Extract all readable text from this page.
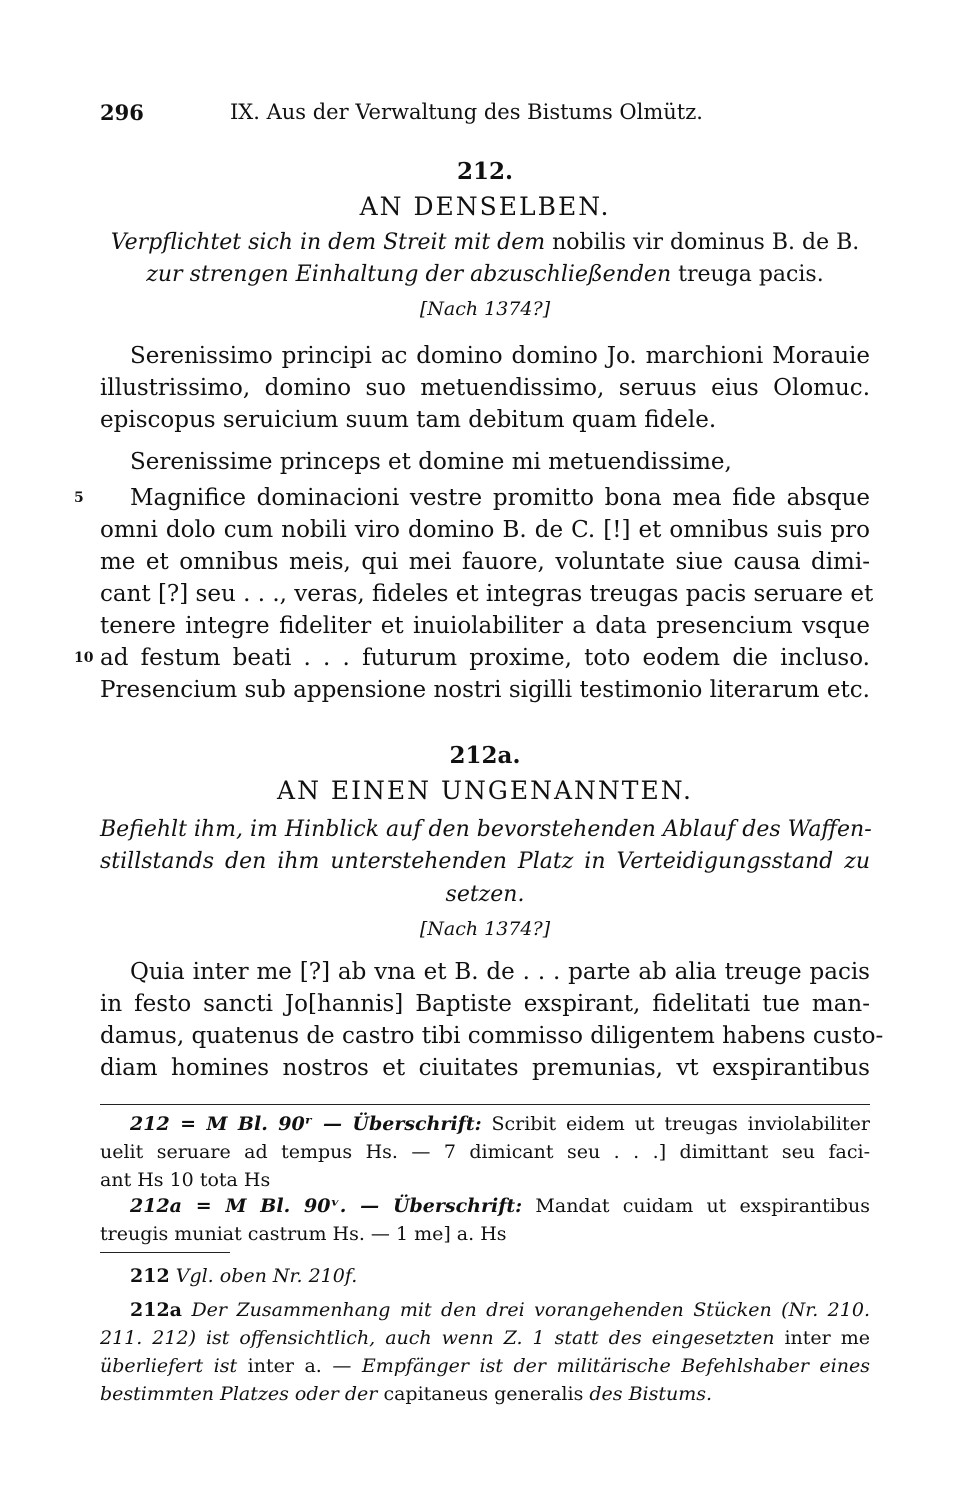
296	IX. Aus der Verwaltung des Bistums Olmütz.
212.
AN DENSELBEN.
Verpflichtet sich in dem Streit mit dem nobilis vir dominus B. de B.
zur strengen Einhaltung der abzuschließenden treuga pacis.
[Nach 1374?]
Serenissimo principi ac domino domino Jo. marchioni Morauie
illustrissimo, domino suo metuendissimo, seruus eius Olomuc.
episcopus seruicium suum tam debitum quam fidele.
Serenissime princeps et domine mi metuendissime,
5 Magnifice dominacioni vestre promitto bona mea fide absque
omni dolo cum nobili viro domino B. de C. [!] et omnibus suis pro
me et omnibus meis, qui mei fauore, voluntate siue causa dimi-
cant [?] seu . . ., veras, fideles et integras treugas pacis seruare et
tenere integre fideliter et inuiolabiliter a data presencium vsque
10 ad festum beati . . . futurum proxime, toto eodem die incluso.
Presencium sub appensione nostri sigilli testimonio literarum etc.
212a.
AN EINEN UNGENANNTEN.
Befiehlt ihm, im Hinblick auf den bevorstehenden Ablauf des Waffen-
stillstands den ihm unterstehenden Platz in Verteidigungsstand zu
setzen.
[Nach 1374?]
Quia inter me [?] ab vna et B. de . . . parte ab alia treuge pacis
in festo sancti Jo[hannis] Baptiste exspirant, fidelitati tue man-
damus, quatenus de castro tibi commisso diligentem habens custo-
diam homines nostros et ciuitates premunias, vt exspirantibus
212 = M Bl. 90ʳ — Überschrift: Scribit eidem ut treugas inviolabiliter
uelit seruare ad tempus Hs. — 7 dimicant seu . . .] dimittant seu faci-
ant Hs 10 tota Hs
212a = M Bl. 90ᵛ. — Überschrift: Mandat cuidam ut exspirantibus
treugis muniat castrum Hs. — 1 me] a. Hs
212 Vgl. oben Nr. 210f.
212a Der Zusammenhang mit den drei vorangehenden Stücken (Nr. 210.
211. 212) ist offensichtlich, auch wenn Z. 1 statt des eingesetzten inter me
überliefert ist inter a. — Empfänger ist der militärische Befehlshaber eines
bestimmten Platzes oder der capitaneus generalis des Bistums.
